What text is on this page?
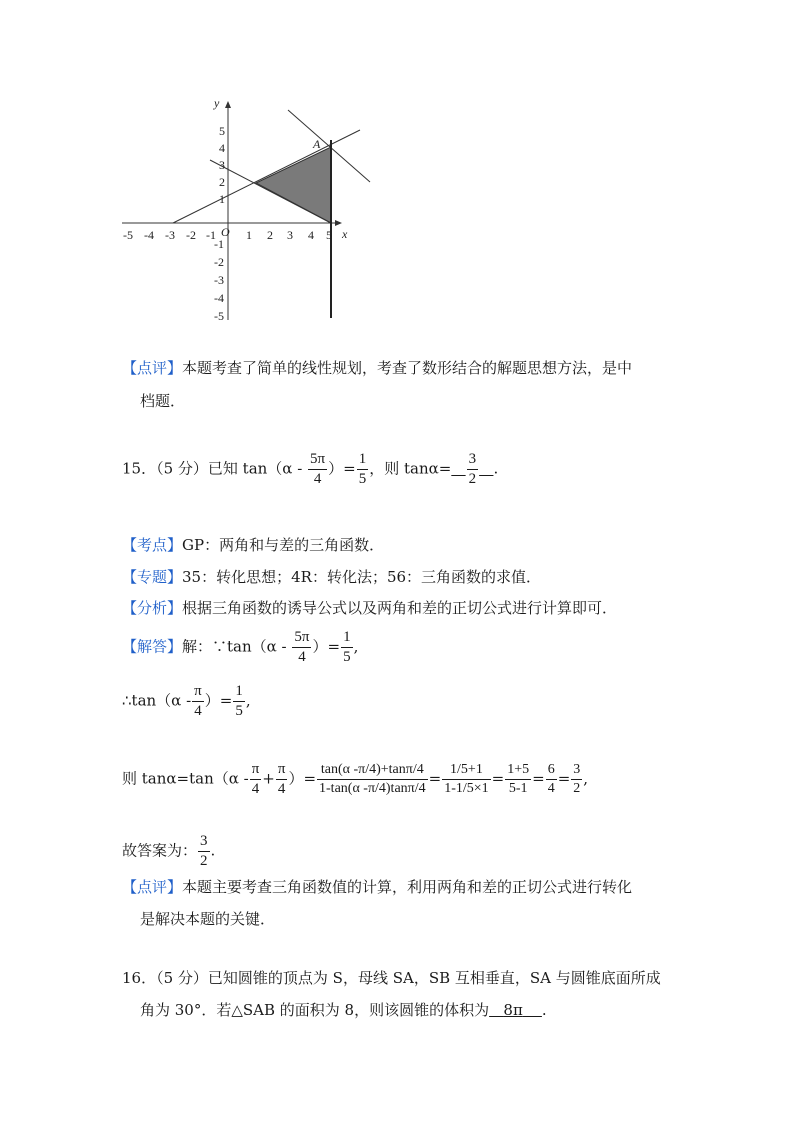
-5 -4 -3 -2 -1	1 2 3 4 5
5
4
3
2
1
-1
-2
-3
-4
-5
x
y
O
A
【点评】本题考查了简单的线性规划，考查了数形结合的解题思想方法，是中
档题．
15．（5 分）已知 $\tan(\alpha - \frac{5\pi}{4}$ ）= $\frac{1}{5}$ ，则 $\tan\alpha= \frac{3}{2}$ .
【考点】GP：两角和与差的三角函数．
【专题】35：转化思想；4R：转化法；56：三角函数的求值．
【分析】根据三角函数的诱导公式以及两角和差的正切公式进行计算即可．
【解答】解：∵tan（α - $\frac{5\pi}{4}$ ）= $\frac{1}{5}$ ,
∴tan（α - $\frac{\pi}{4}$ ）= $\frac{1}{5}$ ,
则 $\tan\alpha=\tan(\alpha - \frac{\pi}{4} + \frac{\pi}{4}$ ）= $\frac{\tan(\alpha -\pi/4)+\tan\pi/4}{1-\tan(\alpha -\pi/4)\tan\pi/4} = \frac{1/5+1}{1-1/5\times 1} = \frac{1+5}{5-1} = \frac{6}{4} = \frac{3}{2}$ ,
故答案为： $\frac{3}{2}$ .
【点评】本题主要考查三角函数值的计算，利用两角和差的正切公式进行转化
是解决本题的关键．
16．（5 分）已知圆锥的顶点为 S，母线 SA，SB 互相垂直，SA 与圆锥底面所成
角为 30°．若△SAB 的面积为 8，则该圆锥的体积为 8π .
